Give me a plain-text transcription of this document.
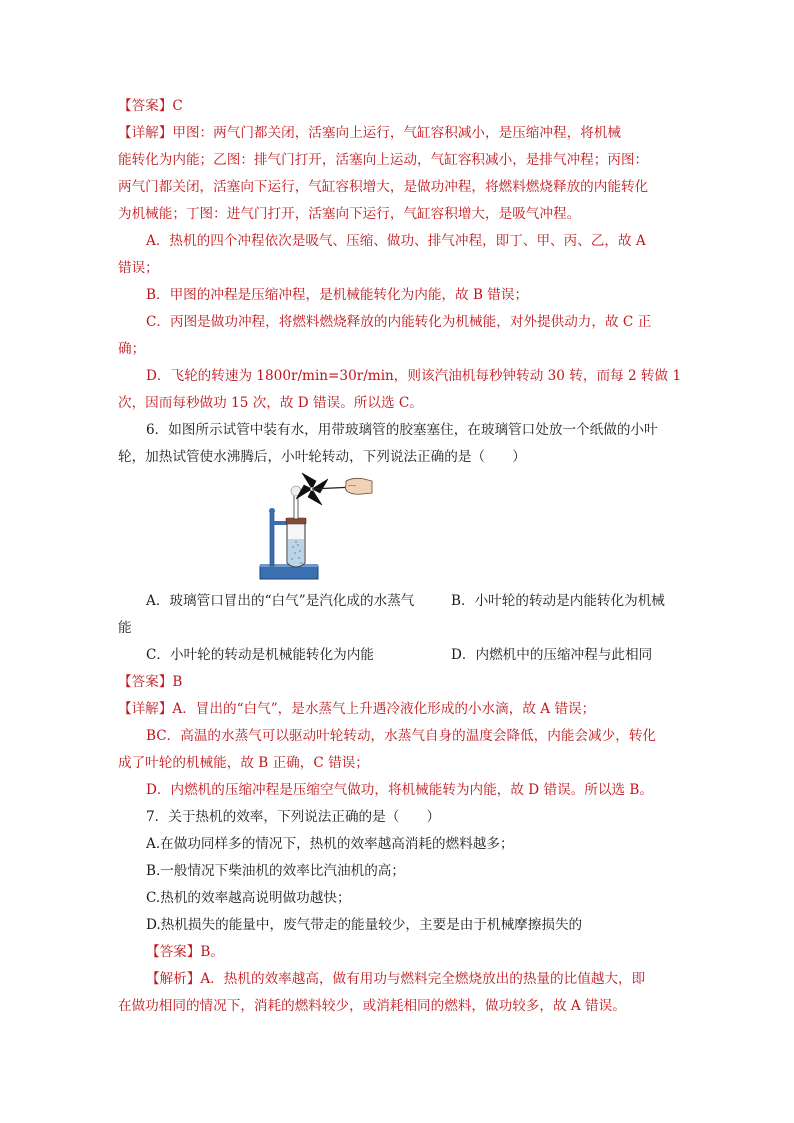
【答案】C
【详解】甲图：两气门都关闭，活塞向上运行，气缸容积减小，是压缩冲程，将机械
能转化为内能；乙图：排气门打开，活塞向上运动，气缸容积减小，是排气冲程；丙图：
两气门都关闭，活塞向下运行，气缸容积增大，是做功冲程，将燃料燃烧释放的内能转化
为机械能；丁图：进气门打开，活塞向下运行，气缸容积增大，是吸气冲程。
A．热机的四个冲程依次是吸气、压缩、做功、排气冲程，即丁、甲、丙、乙，故 A
错误；
B．甲图的冲程是压缩冲程，是机械能转化为内能，故 B 错误；
C．丙图是做功冲程，将燃料燃烧释放的内能转化为机械能，对外提供动力，故 C 正
确；
D．飞轮的转速为 1800r/min=30r/min，则该汽油机每秒钟转动 30 转，而每 2 转做 1
次，因而每秒做功 15 次，故 D 错误。所以选 C。
6．如图所示试管中装有水，用带玻璃管的胶塞塞住，在玻璃管口处放一个纸做的小叶
轮，加热试管使水沸腾后，小叶轮转动，下列说法正确的是（　　）
A．玻璃管口冒出的“白气”是汽化成的水蒸气	B．小叶轮的转动是内能转化为机械
能
C．小叶轮的转动是机械能转化为内能	D．内燃机中的压缩冲程与此相同
【答案】B
【详解】A．冒出的“白气”，是水蒸气上升遇冷液化形成的小水滴，故 A 错误；
BC．高温的水蒸气可以驱动叶轮转动，水蒸气自身的温度会降低，内能会减少，转化
成了叶轮的机械能，故 B 正确，C 错误；
D．内燃机的压缩冲程是压缩空气做功，将机械能转为内能，故 D 错误。所以选 B。
7．关于热机的效率，下列说法正确的是（　　）
A.在做功同样多的情况下，热机的效率越高消耗的燃料越多；
B.一般情况下柴油机的效率比汽油机的高；
C.热机的效率越高说明做功越快；
D.热机损失的能量中，废气带走的能量较少，主要是由于机械摩擦损失的
【答案】B。
【解析】A．热机的效率越高，做有用功与燃料完全燃烧放出的热量的比值越大，即
在做功相同的情况下，消耗的燃料较少，或消耗相同的燃料，做功较多，故 A 错误。
